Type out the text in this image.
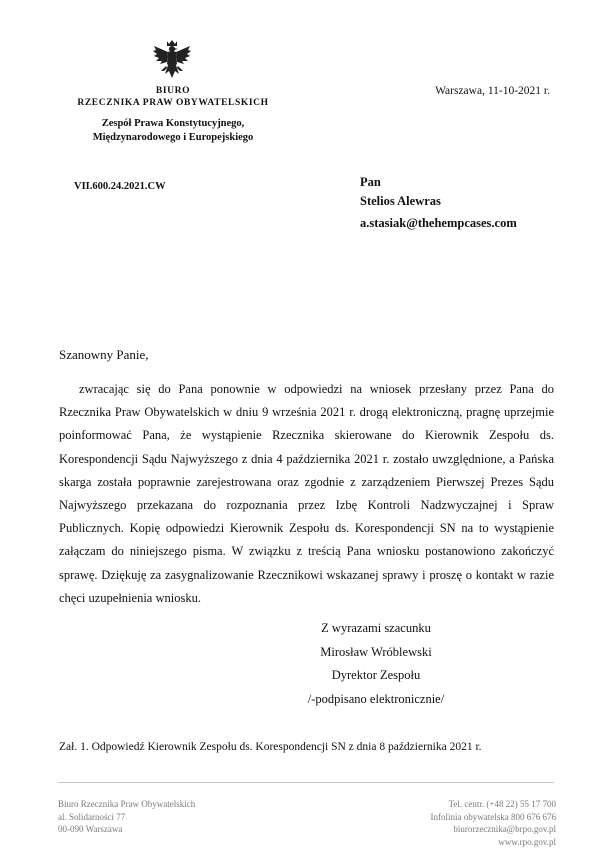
BIURO
RZECZNIKA PRAW OBYWATELSKICH
Zespół Prawa Konstytucyjnego,
Międzynarodowego i Europejskiego
Warszawa, 11-10-2021 r.
VII.600.24.2021.CW	Pan
Stelios Alewras
a.stasiak@thehempcases.com
Szanowny Panie,
zwracając się do Pana ponownie w odpowiedzi na wniosek przesłany przez Pana do Rzecznika Praw Obywatelskich w dniu 9 września 2021 r. drogą elektroniczną, pragnę uprzejmie poinformować Pana, że wystąpienie Rzecznika skierowane do Kierownik Zespołu ds. Korespondencji Sądu Najwyższego z dnia 4 października 2021 r. zostało uwzględnione, a Pańska skarga została poprawnie zarejestrowana oraz zgodnie z zarządzeniem Pierwszej Prezes Sądu Najwyższego przekazana do rozpoznania przez Izbę Kontroli Nadzwyczajnej i Spraw Publicznych. Kopię odpowiedzi Kierownik Zespołu ds. Korespondencji SN na to wystąpienie załączam do niniejszego pisma. W związku z treścią Pana wniosku postanowiono zakończyć sprawę. Dziękuję za zasygnalizowanie Rzecznikowi wskazanej sprawy i proszę o kontakt w razie chęci uzupełnienia wniosku.
Z wyrazami szacunku
Mirosław Wróblewski
Dyrektor Zespołu
/-podpisano elektronicznie/
Zał. 1. Odpowiedź Kierownik Zespołu ds. Korespondencji SN z dnia 8 października 2021 r.
Biuro Rzecznika Praw Obywatelskich
al. Solidarności 77
00-090 Warszawa
Tel. centr. (+48 22) 55 17 700
Infolinia obywatelska 800 676 676
biurorzecznika@brpo.gov.pl
www.rpo.gov.pl
